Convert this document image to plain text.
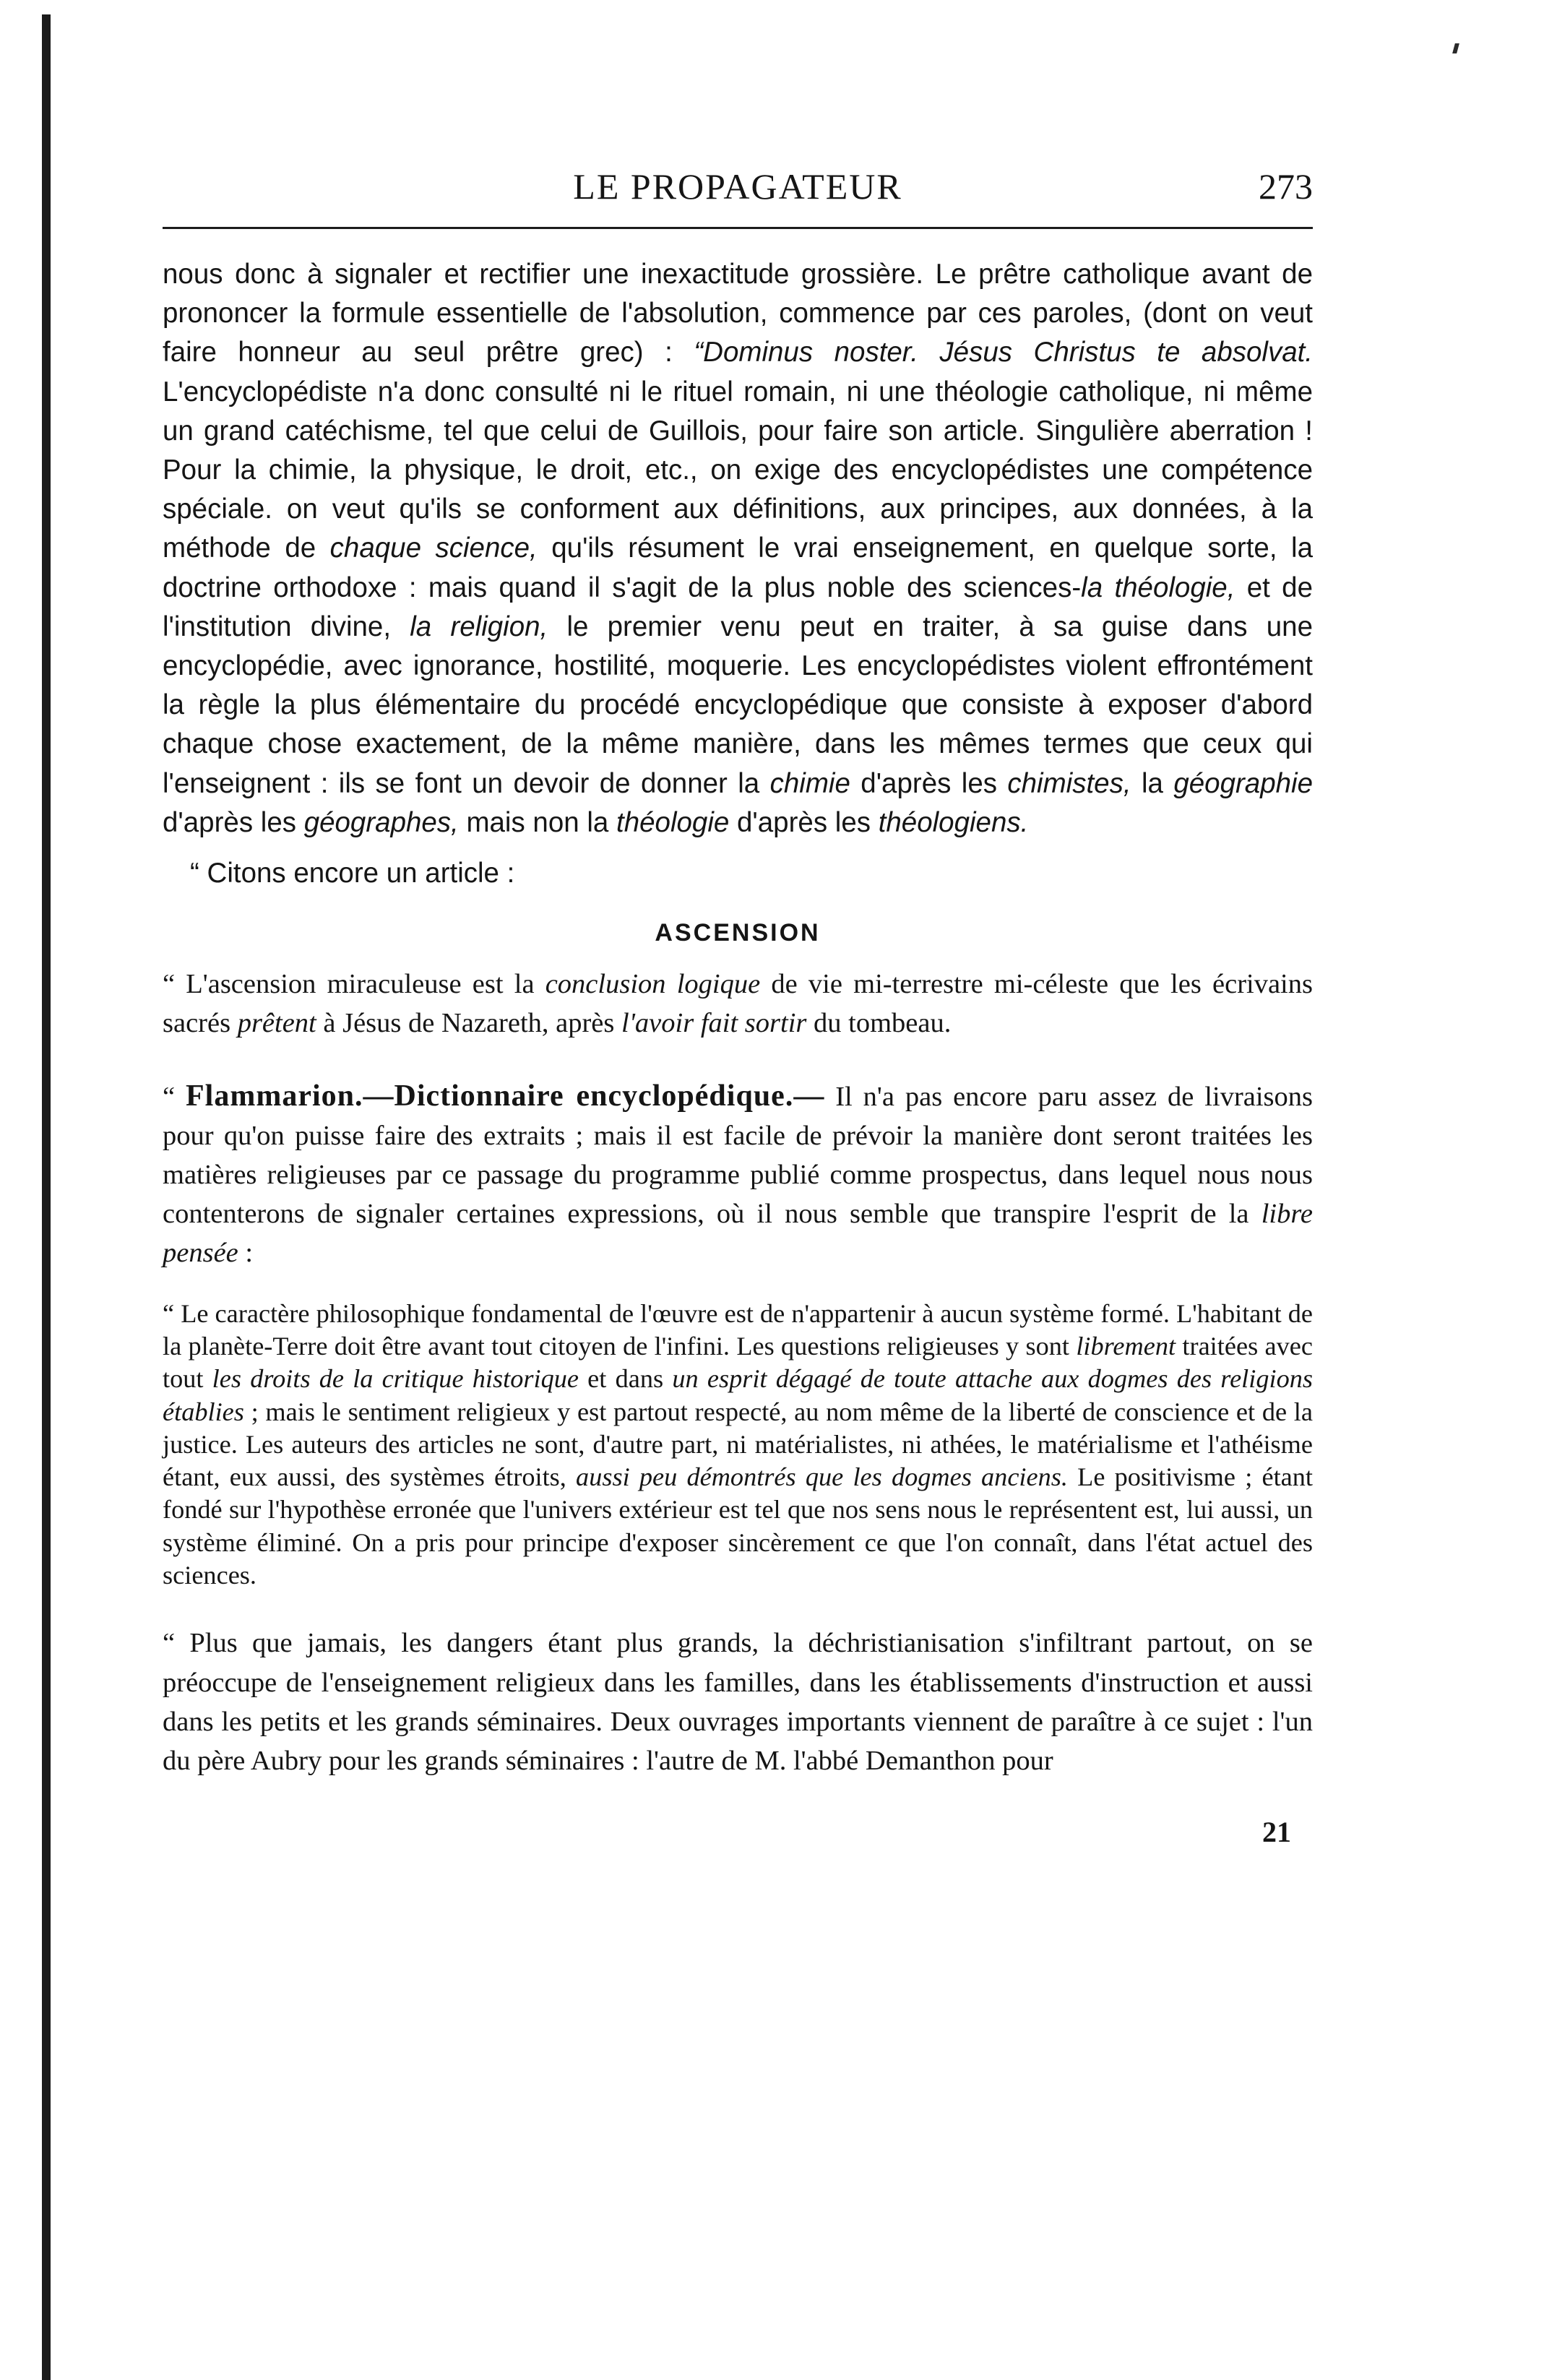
LE PROPAGATEUR	273

nous donc à signaler et rectifier une inexactitude grossière. Le prêtre catholique avant de prononcer la formule essentielle de l'absolution, commence par ces paroles, (dont on veut faire honneur au seul prêtre grec) : “Dominus noster. Jésus Christus te absolvat. L'encyclopédiste n'a donc consulté ni le rituel romain, ni une théologie catholique, ni même un grand catéchisme, tel que celui de Guillois, pour faire son article. Singulière aberration ! Pour la chimie, la physique, le droit, etc., on exige des encyclopédistes une compétence spéciale. on veut qu'ils se conforment aux définitions, aux principes, aux données, à la méthode de chaque science, qu'ils résument le vrai enseignement, en quelque sorte, la doctrine orthodoxe : mais quand il s'agit de la plus noble des sciences-la théologie, et de l'institution divine, la religion, le premier venu peut en traiter, à sa guise dans une encyclopédie, avec ignorance, hostilité, moquerie. Les encyclopédistes violent effrontément la règle la plus élémentaire du procédé encyclopédique que consiste à exposer d'abord chaque chose exactement, de la même manière, dans les mêmes termes que ceux qui l'enseignent : ils se font un devoir de donner la chimie d'après les chimistes, la géographie d'après les géographes, mais non la théologie d'après les théologiens.

“ Citons encore un article :

ASCENSION

“ L'ascension miraculeuse est la conclusion logique de vie mi-terrestre mi-céleste que les écrivains sacrés prêtent à Jésus de Nazareth, après l'avoir fait sortir du tombeau.

“ Flammarion.—Dictionnaire encyclopédique.— Il n'a pas encore paru assez de livraisons pour qu'on puisse faire des extraits ; mais il est facile de prévoir la manière dont seront traitées les matières religieuses par ce passage du programme publié comme prospectus, dans lequel nous nous contenterons de signaler certaines expressions, où il nous semble que transpire l'esprit de la libre pensée :

“ Le caractère philosophique fondamental de l'œuvre est de n'appartenir à aucun système formé. L'habitant de la planète-Terre doit être avant tout citoyen de l'infini. Les questions religieuses y sont librement traitées avec tout les droits de la critique historique et dans un esprit dégagé de toute attache aux dogmes des religions établies ; mais le sentiment religieux y est partout respecté, au nom même de la liberté de conscience et de la justice. Les auteurs des articles ne sont, d'autre part, ni matérialistes, ni athées, le matérialisme et l'athéisme étant, eux aussi, des systèmes étroits, aussi peu démontrés que les dogmes anciens. Le positivisme ; étant fondé sur l'hypothèse erronée que l'univers extérieur est tel que nos sens nous le représentent est, lui aussi, un système éliminé. On a pris pour principe d'exposer sincèrement ce que l'on connaît, dans l'état actuel des sciences.

“ Plus que jamais, les dangers étant plus grands, la déchristianisation s'infiltrant partout, on se préoccupe de l'enseignement religieux dans les familles, dans les établissements d'instruction et aussi dans les petits et les grands séminaires. Deux ouvrages importants viennent de paraître à ce sujet : l'un du père Aubry pour les grands séminaires : l'autre de M. l'abbé Demanthon pour

21
